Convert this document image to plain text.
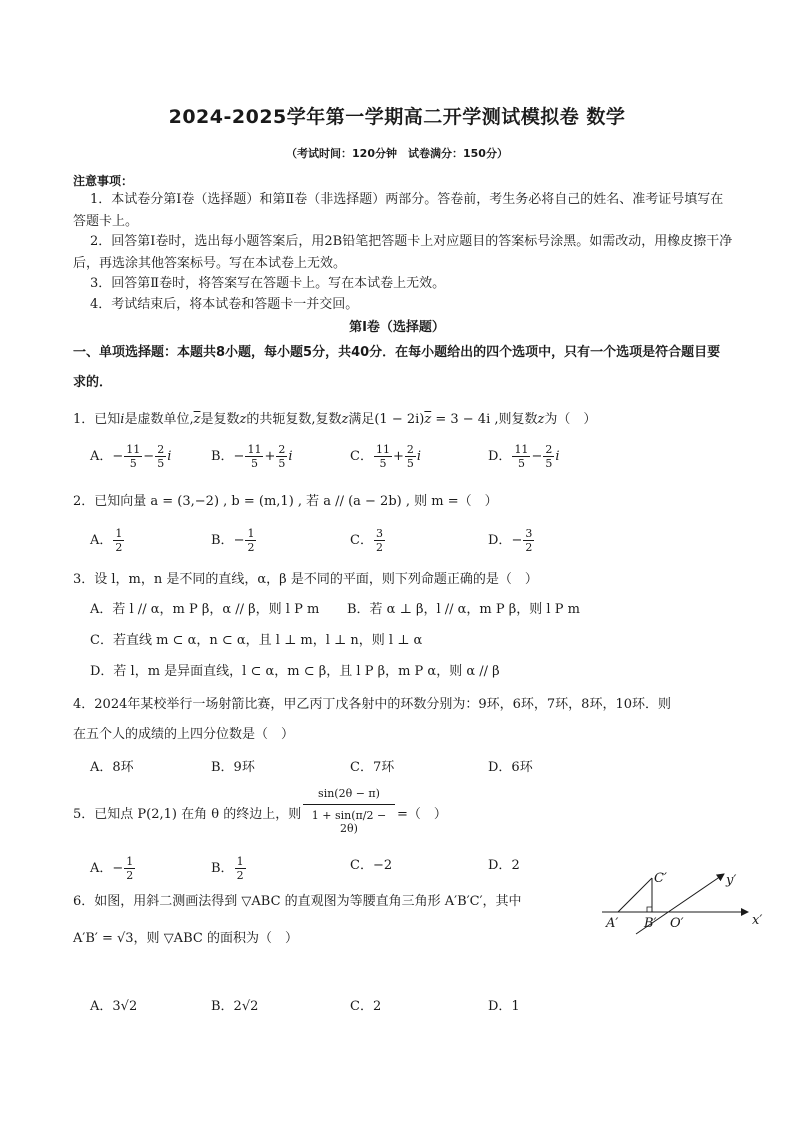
2024-2025学年第一学期高二开学测试模拟卷 数学
（考试时间：120分钟　试卷满分：150分）
注意事项：
1．本试卷分第Ⅰ卷（选择题）和第Ⅱ卷（非选择题）两部分。答卷前，考生务必将自己的姓名、准考证号填写在答题卡上。
2．回答第Ⅰ卷时，选出每小题答案后，用2B铅笔把答题卡上对应题目的答案标号涂黑。如需改动，用橡皮擦干净后，再选涂其他答案标号。写在本试卷上无效。
3．回答第Ⅱ卷时，将答案写在答题卡上。写在本试卷上无效。
4．考试结束后，将本试卷和答题卡一并交回。
第Ⅰ卷（选择题）
一、单项选择题：本题共8小题，每小题5分，共40分．在每小题给出的四个选项中，只有一个选项是符合题目要求的．
1．已知i是虚数单位$,\overline{z}$是复数z的共轭复数,复数z满足$(1 - 2i)\overline{z} = 3 - 4i$ ,则复数z为（　）
A．− $\frac{11}{5} - \frac{2}{5}$ i	B．− $\frac{11}{5} + \frac{2}{5}$ i	C． $\frac{11}{5} + \frac{2}{5}$ i	D． $\frac{11}{5} - \frac{2}{5}$ i
2．已知向量 a = (3,−2) , b = (m,1) , 若 a // (a − 2b) , 则 m =（　）
A． $\frac{1}{2}$	B．− $\frac{1}{2}$	C． $\frac{3}{2}$	D．− $\frac{3}{2}$
3．设 l，m，n 是不同的直线，α，β 是不同的平面，则下列命题正确的是（　）
A．若 l // α，m P β，α // β，则 l P m B．若 α ⊥ β，l // α，m P β，则 l P m
C．若直线 m ⊂ α，n ⊂ α，且 l ⊥ m，l ⊥ n，则 l ⊥ α
D．若 l，m 是异面直线，l ⊂ α，m ⊂ β，且 l P β，m P α，则 α // β
4．2024年某校举行一场射箭比赛，甲乙丙丁戊各射中的环数分别为：9环，6环，7环，8环，10环．则
在五个人的成绩的上四分位数是（　）
A．8环	B．9环	C．7环	D．6环
5．已知点 P(2,1) 在角 θ 的终边上，则 $\frac{\sin(2\theta - \pi)}{1 + \sin(\pi/2 - 2\theta)}$ =（　）
A．− $\frac{1}{2}$	B． $\frac{1}{2}$	C．−2	D．2
6．如图，用斜二测画法得到 ▽ABC 的直观图为等腰直角三角形 A′B′C′，其中
A′B′ = √3，则 ▽ABC 的面积为（　）
A．3√2	B．2√2	C．2	D．1
A′ B′ O′
C′
x′
y′
